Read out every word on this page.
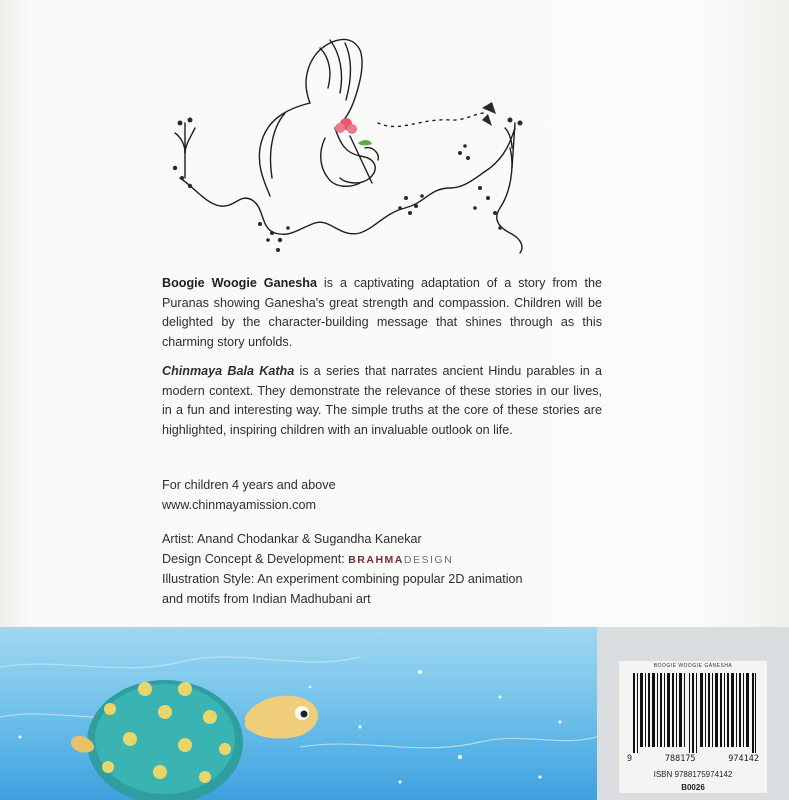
Boogie Woogie Ganesha is a captivating adaptation of a story from the Puranas showing Ganesha's great strength and compassion. Children will be delighted by the character-building message that shines through as this charming story unfolds.

Chinmaya Bala Katha is a series that narrates ancient Hindu parables in a modern context. They demonstrate the relevance of these stories in our lives, in a fun and interesting way. The simple truths at the core of these stories are highlighted, inspiring children with an invaluable outlook on life.

For children 4 years and above
www.chinmayamission.com
Artist: Anand Chodankar & Sugandha Kanekar
Design Concept & Development: BRAHMADESIGN
Illustration Style: An experiment combining popular 2D animation
and motifs from Indian Madhubani art
BOOGIE WOOGIE GANESHA
9	788175	974142
ISBN 9788175974142
B0026
